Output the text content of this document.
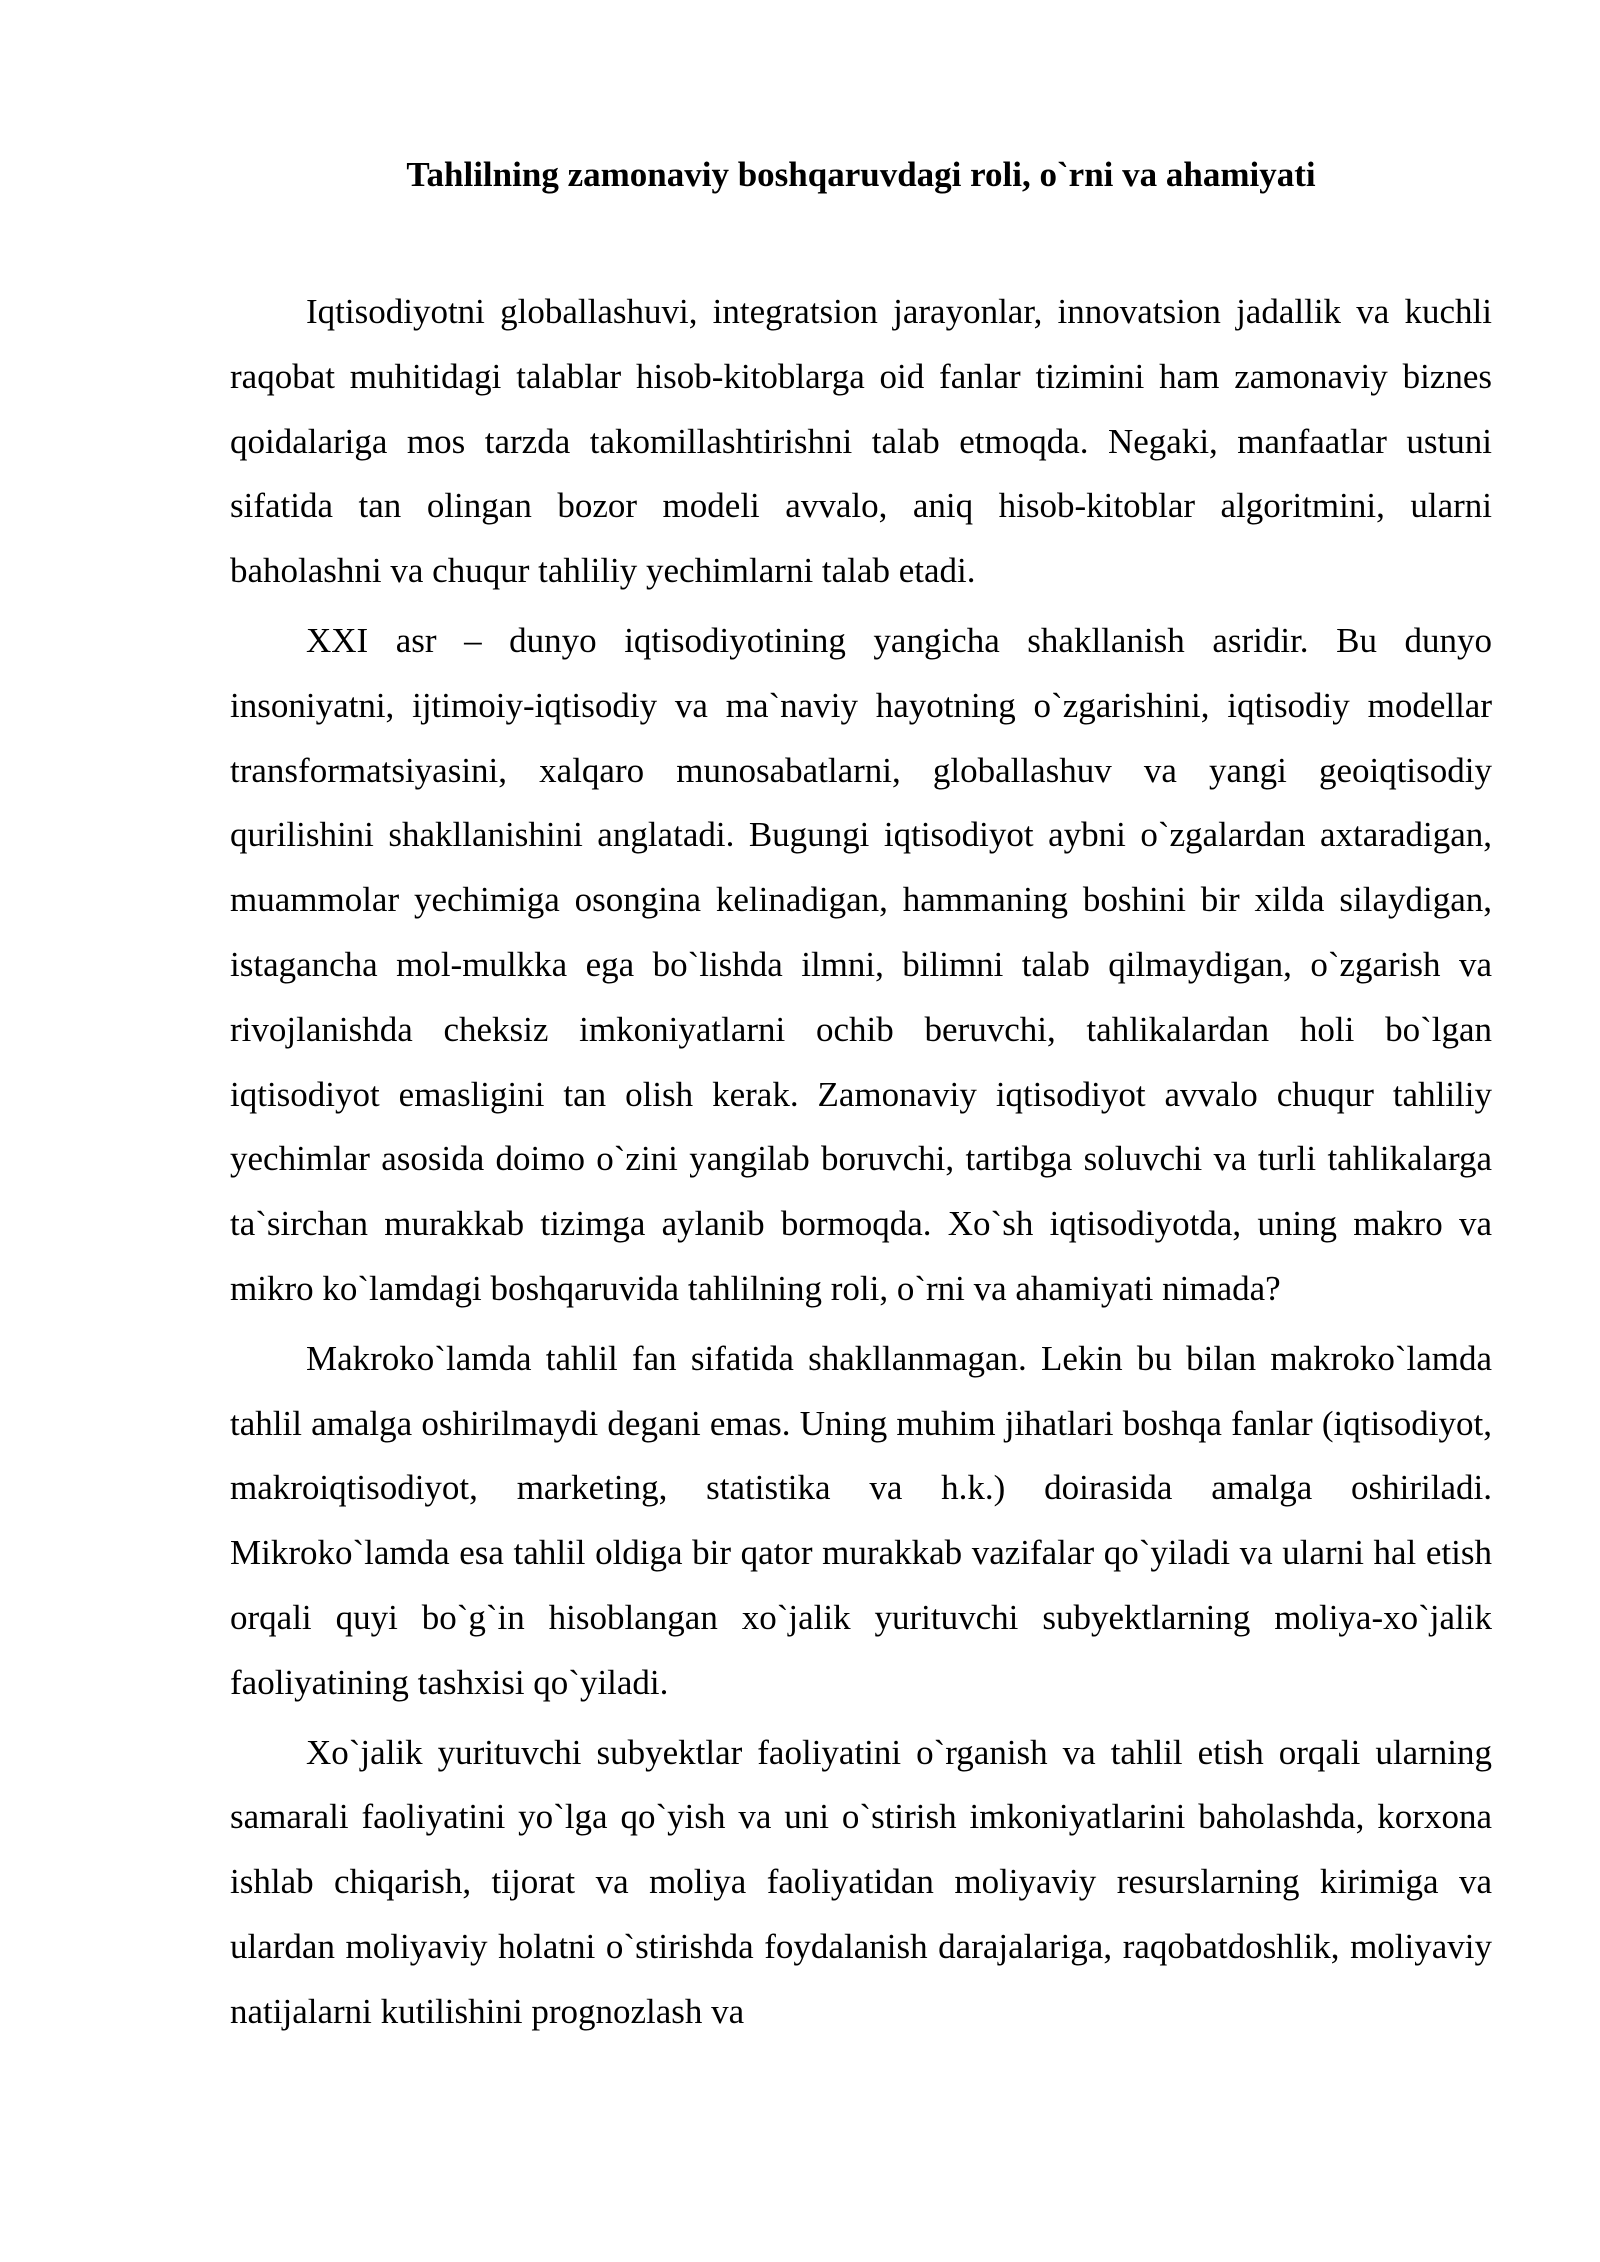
Tahlilning zamonaviy boshqaruvdagi roli, o`rni va ahamiyati

Iqtisodiyotni globallashuvi, integratsion jarayonlar, innovatsion jadallik va kuchli raqobat muhitidagi talablar hisob-kitoblarga oid fanlar tizimini ham zamonaviy biznes qoidalariga mos tarzda takomillashtirishni talab etmoqda. Negaki, manfaatlar ustuni sifatida tan olingan bozor modeli avvalo, aniq hisob-kitoblar algoritmini, ularni baholashni va chuqur tahliliy yechimlarni talab etadi.

XXI asr – dunyo iqtisodiyotining yangicha shakllanish asridir. Bu dunyo insoniyatni, ijtimoiy-iqtisodiy va ma`naviy hayotning o`zgarishini, iqtisodiy modellar transformatsiyasini, xalqaro munosabatlarni, globallashuv va yangi geoiqtisodiy qurilishini shakllanishini anglatadi. Bugungi iqtisodiyot aybni o`zgalardan axtaradigan, muammolar yechimiga osongina kelinadigan, hammaning boshini bir xilda silaydigan, istagancha mol-mulkka ega bo`lishda ilmni, bilimni talab qilmaydigan, o`zgarish va rivojlanishda cheksiz imkoniyatlarni ochib beruvchi, tahlikalardan holi bo`lgan iqtisodiyot emasligini tan olish kerak. Zamonaviy iqtisodiyot avvalo chuqur tahliliy yechimlar asosida doimo o`zini yangilab boruvchi, tartibga soluvchi va turli tahlikalarga ta`sirchan murakkab tizimga aylanib bormoqda. Xo`sh iqtisodiyotda, uning makro va mikro ko`lamdagi boshqaruvida tahlilning roli, o`rni va ahamiyati nimada?

Makroko`lamda tahlil fan sifatida shakllanmagan. Lekin bu bilan makroko`lamda tahlil amalga oshirilmaydi degani emas. Uning muhim jihatlari boshqa fanlar (iqtisodiyot, makroiqtisodiyot, marketing, statistika va h.k.) doirasida amalga oshiriladi. Mikroko`lamda esa tahlil oldiga bir qator murakkab vazifalar qo`yiladi va ularni hal etish orqali quyi bo`g`in hisoblangan xo`jalik yurituvchi subyektlarning moliya-xo`jalik faoliyatining tashxisi qo`yiladi.

Xo`jalik yurituvchi subyektlar faoliyatini o`rganish va tahlil etish orqali ularning samarali faoliyatini yo`lga qo`yish va uni o`stirish imkoniyatlarini baholashda, korxona ishlab chiqarish, tijorat va moliya faoliyatidan moliyaviy resurslarning kirimiga va ulardan moliyaviy holatni o`stirishda foydalanish darajalariga, raqobatdoshlik, moliyaviy natijalarni kutilishini prognozlash va
